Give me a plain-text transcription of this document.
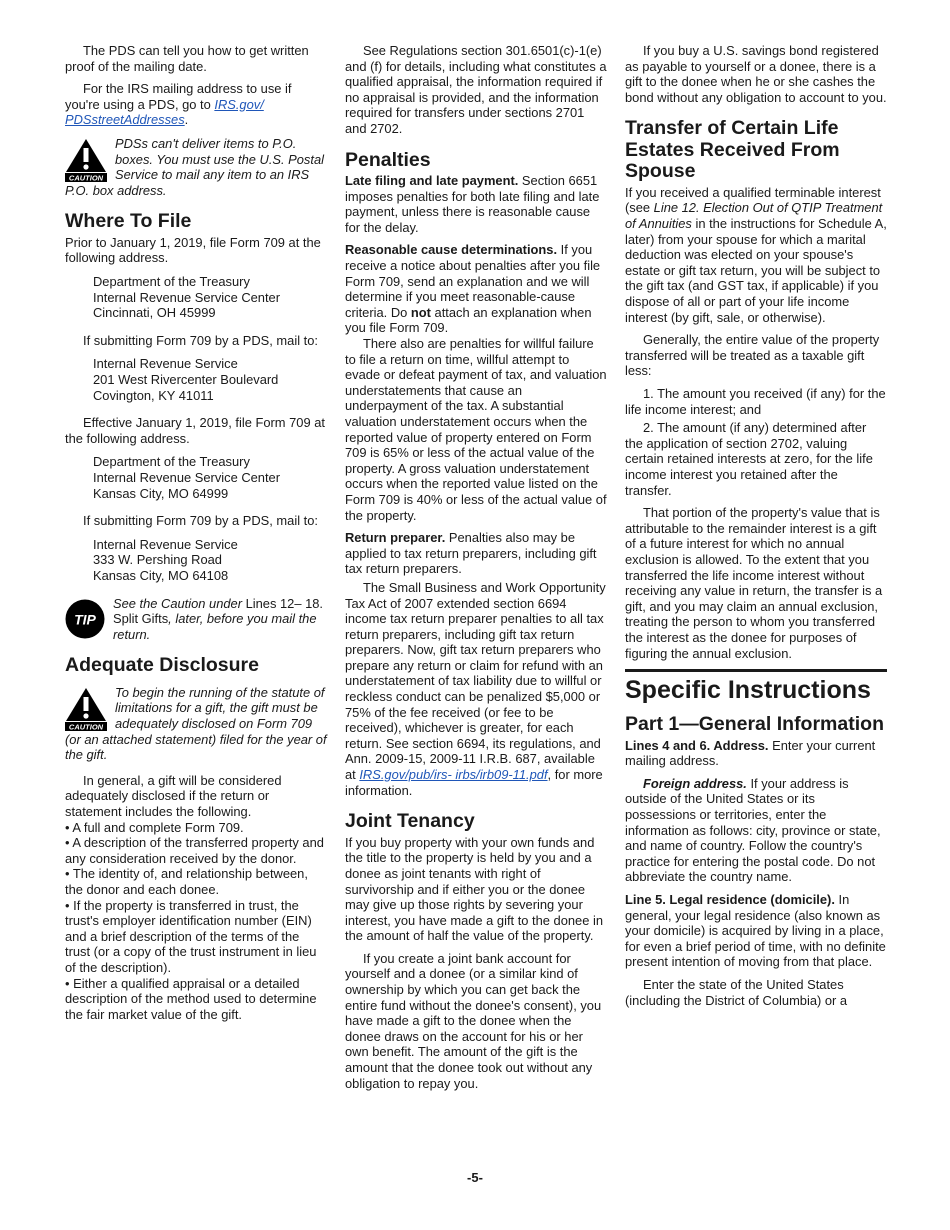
The PDS can tell you how to get written proof of the mailing date.

For the IRS mailing address to use if you're using a PDS, go to IRS.gov/ PDSstreetAddresses.

CAUTION
PDSs can't deliver items to P.O. boxes. You must use the U.S. Postal Service to mail any item to an IRS P.O. box address.
Where To File

Prior to January 1, 2019, file Form 709 at the following address.

Department of the Treasury
Internal Revenue Service Center
Cincinnati, OH 45999

If submitting Form 709 by a PDS, mail to:

Internal Revenue Service
201 West Rivercenter Boulevard
Covington, KY 41011

Effective January 1, 2019, file Form 709 at the following address.

Department of the Treasury
Internal Revenue Service Center
Kansas City, MO 64999

If submitting Form 709 by a PDS, mail to:

Internal Revenue Service
333 W. Pershing Road
Kansas City, MO 64108
TIP
See the Caution under Lines 12– 18. Split Gifts, later, before you mail the return.
Adequate Disclosure
CAUTION
To begin the running of the statute of limitations for a gift, the gift must be adequately disclosed on Form 709 (or an attached statement) filed for the year of the gift.

In general, a gift will be considered adequately disclosed if the return or statement includes the following.

• A full and complete Form 709.
• A description of the transferred property and any consideration received by the donor.
• The identity of, and relationship between, the donor and each donee.
• If the property is transferred in trust, the trust's employer identification number (EIN) and a brief description of the terms of the trust (or a copy of the trust instrument in lieu of the description).
• Either a qualified appraisal or a detailed description of the method used to determine the fair market value of the gift.

See Regulations section 301.6501(c)-1(e) and (f) for details, including what constitutes a qualified appraisal, the information required if no appraisal is provided, and the information required for transfers under sections 2701 and 2702.

Penalties

Late filing and late payment. Section 6651 imposes penalties for both late filing and late payment, unless there is reasonable cause for the delay.

Reasonable cause determinations. If you receive a notice about penalties after you file Form 709, send an explanation and we will determine if you meet reasonable-cause criteria. Do not attach an explanation when you file Form 709.

There also are penalties for willful failure to file a return on time, willful attempt to evade or defeat payment of tax, and valuation understatements that cause an underpayment of the tax. A substantial valuation understatement occurs when the reported value of property entered on Form 709 is 65% or less of the actual value of the property. A gross valuation understatement occurs when the reported value listed on the Form 709 is 40% or less of the actual value of the property.

Return preparer. Penalties also may be applied to tax return preparers, including gift tax return preparers.

The Small Business and Work Opportunity Tax Act of 2007 extended section 6694 income tax return preparer penalties to all tax return preparers, including gift tax return preparers. Now, gift tax return preparers who prepare any return or claim for refund with an understatement of tax liability due to willful or reckless conduct can be penalized $5,000 or 75% of the fee received (or fee to be received), whichever is greater, for each return. See section 6694, its regulations, and Ann. 2009-15, 2009-11 I.R.B. 687, available at IRS.gov/pub/irs- irbs/irb09-11.pdf, for more information.

Joint Tenancy

If you buy property with your own funds and the title to the property is held by you and a donee as joint tenants with right of survivorship and if either you or the donee may give up those rights by severing your interest, you have made a gift to the donee in the amount of half the value of the property.

If you create a joint bank account for yourself and a donee (or a similar kind of ownership by which you can get back the entire fund without the donee's consent), you have made a gift to the donee when the donee draws on the account for his or her own benefit. The amount of the gift is the amount that the donee took out without any obligation to repay you.

If you buy a U.S. savings bond registered as payable to yourself or a donee, there is a gift to the donee when he or she cashes the bond without any obligation to account to you.

Transfer of Certain Life Estates Received From Spouse

If you received a qualified terminable interest (see Line 12. Election Out of QTIP Treatment of Annuities in the instructions for Schedule A, later) from your spouse for which a marital deduction was elected on your spouse's estate or gift tax return, you will be subject to the gift tax (and GST tax, if applicable) if you dispose of all or part of your life income interest (by gift, sale, or otherwise).

Generally, the entire value of the property transferred will be treated as a taxable gift less:

1. The amount you received (if any) for the life income interest; and

2. The amount (if any) determined after the application of section 2702, valuing certain retained interests at zero, for the life income interest you retained after the transfer.

That portion of the property's value that is attributable to the remainder interest is a gift of a future interest for which no annual exclusion is allowed. To the extent that you transferred the life income interest without receiving any value in return, the transfer is a gift, and you may claim an annual exclusion, treating the person to whom you transferred the interest as the donee for purposes of figuring the annual exclusion.

Specific Instructions
Part 1—General Information

Lines 4 and 6. Address. Enter your current mailing address.

Foreign address. If your address is outside of the United States or its possessions or territories, enter the information as follows: city, province or state, and name of country. Follow the country's practice for entering the postal code. Do not abbreviate the country name.

Line 5. Legal residence (domicile). In general, your legal residence (also known as your domicile) is acquired by living in a place, for even a brief period of time, with no definite present intention of moving from that place.

Enter the state of the United States (including the District of Columbia) or a

-5-
